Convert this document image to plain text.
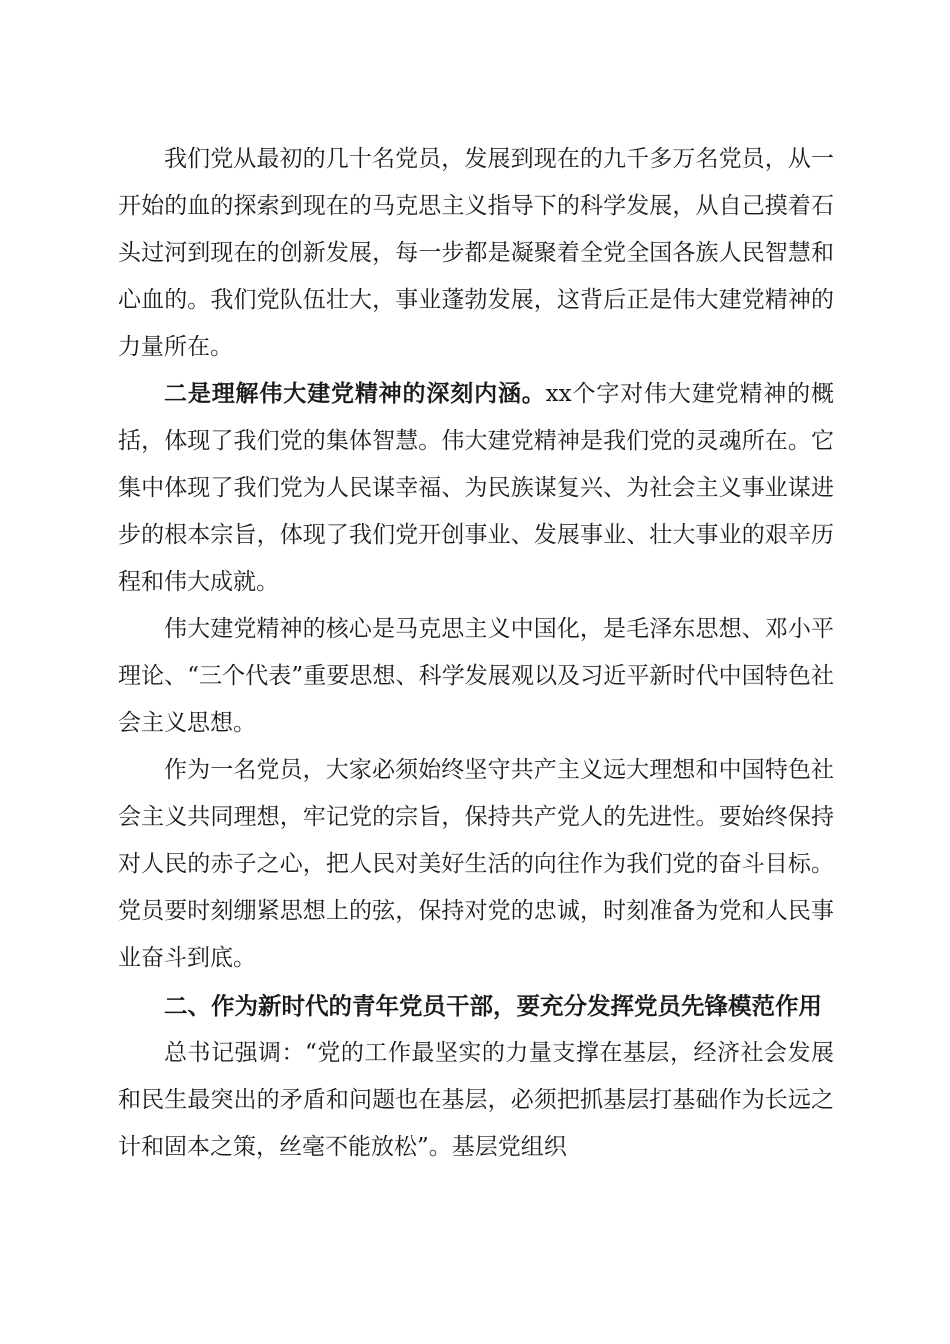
我们党从最初的几十名党员，发展到现在的九千多万名党员，从一开始的血的探索到现在的马克思主义指导下的科学发展，从自己摸着石头过河到现在的创新发展，每一步都是凝聚着全党全国各族人民智慧和心血的。我们党队伍壮大，事业蓬勃发展，这背后正是伟大建党精神的力量所在。

二是理解伟大建党精神的深刻内涵。xx个字对伟大建党精神的概括，体现了我们党的集体智慧。伟大建党精神是我们党的灵魂所在。它集中体现了我们党为人民谋幸福、为民族谋复兴、为社会主义事业谋进步的根本宗旨，体现了我们党开创事业、发展事业、壮大事业的艰辛历程和伟大成就。

伟大建党精神的核心是马克思主义中国化，是毛泽东思想、邓小平理论、“三个代表”重要思想、科学发展观以及习近平新时代中国特色社会主义思想。

作为一名党员，大家必须始终坚守共产主义远大理想和中国特色社会主义共同理想，牢记党的宗旨，保持共产党人的先进性。要始终保持对人民的赤子之心，把人民对美好生活的向往作为我们党的奋斗目标。党员要时刻绷紧思想上的弦，保持对党的忠诚，时刻准备为党和人民事业奋斗到底。

二、作为新时代的青年党员干部，要充分发挥党员先锋模范作用

总书记强调：“党的工作最坚实的力量支撑在基层，经济社会发展和民生最突出的矛盾和问题也在基层，必须把抓基层打基础作为长远之计和固本之策，丝毫不能放松”。基层党组织
